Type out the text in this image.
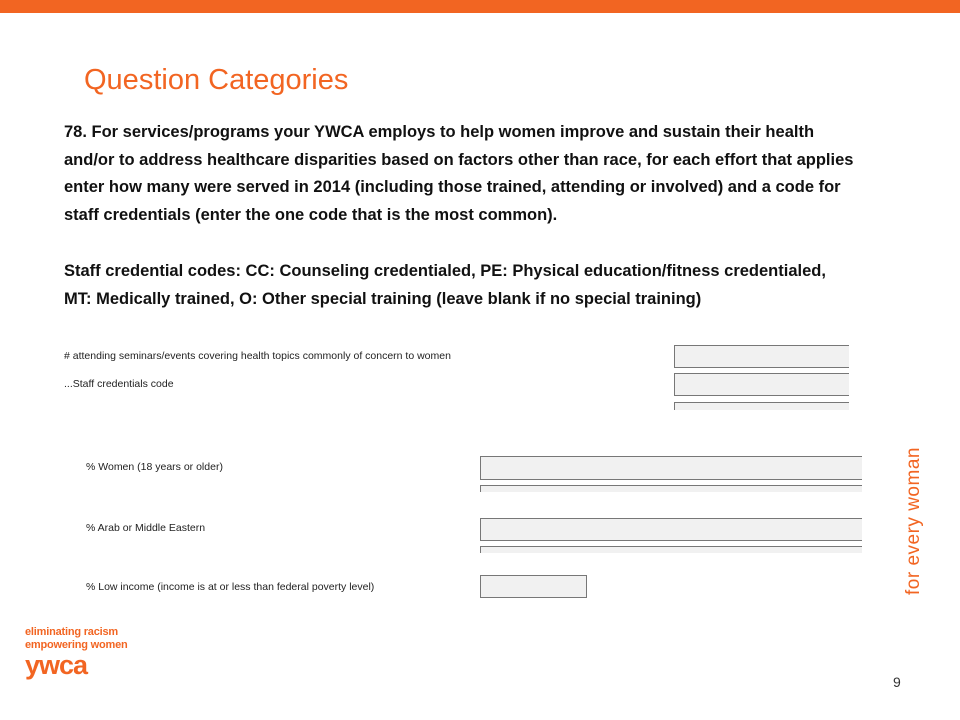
Question Categories
78. For services/programs your YWCA employs to help women improve and sustain their health and/or to address healthcare disparities based on factors other than race, for each effort that applies enter how many were served in 2014 (including those trained, attending or involved) and a code for staff credentials (enter the one code that is the most common).
Staff credential codes: CC: Counseling credentialed, PE: Physical education/fitness credentialed, MT: Medically trained, O: Other special training (leave blank if no special training)
# attending seminars/events covering health topics commonly of concern to women
...Staff credentials code
% Women (18 years or older)
% Arab or Middle Eastern
% Low income (income is at or less than federal poverty level)	for every woman
eliminating racism
empowering women
ywca
9
